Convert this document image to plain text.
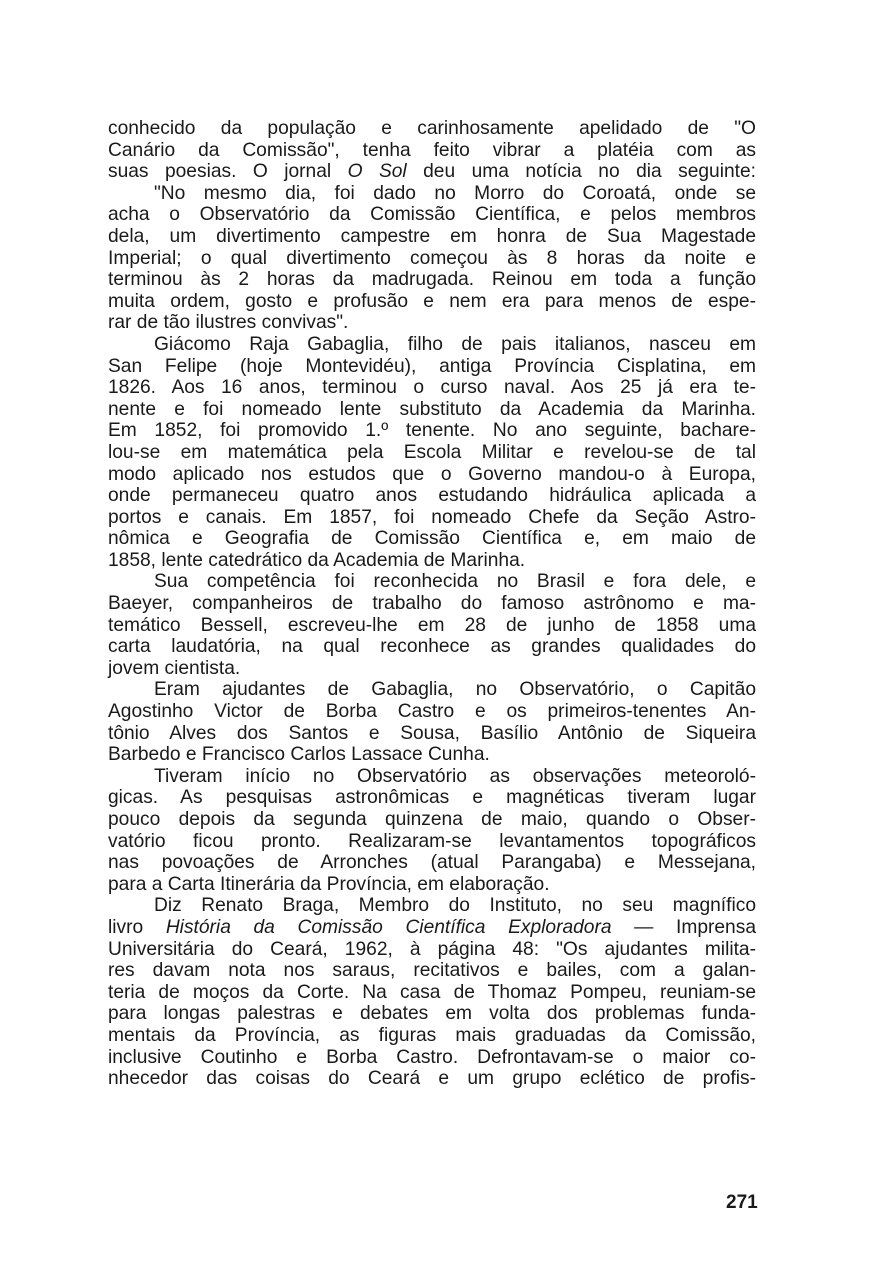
conhecido da população e carinhosamente apelidado de "O
Canário da Comissão", tenha feito vibrar a platéia com as
suas poesias. O jornal O Sol deu uma notícia no dia seguinte:
"No mesmo dia, foi dado no Morro do Coroatá, onde se
acha o Observatório da Comissão Científica, e pelos membros
dela, um divertimento campestre em honra de Sua Magestade
Imperial; o qual divertimento começou às 8 horas da noite e
terminou às 2 horas da madrugada. Reinou em toda a função
muita ordem, gosto e profusão e nem era para menos de espe-
rar de tão ilustres convivas".
Giácomo Raja Gabaglia, filho de pais italianos, nasceu em
San Felipe (hoje Montevidéu), antiga Província Cisplatina, em
1826. Aos 16 anos, terminou o curso naval. Aos 25 já era te-
nente e foi nomeado lente substituto da Academia da Marinha.
Em 1852, foi promovido 1.º tenente. No ano seguinte, bachare-
lou-se em matemática pela Escola Militar e revelou-se de tal
modo aplicado nos estudos que o Governo mandou-o à Europa,
onde permaneceu quatro anos estudando hidráulica aplicada a
portos e canais. Em 1857, foi nomeado Chefe da Seção Astro-
nômica e Geografia de Comissão Científica e, em maio de
1858, lente catedrático da Academia de Marinha.
Sua competência foi reconhecida no Brasil e fora dele, e
Baeyer, companheiros de trabalho do famoso astrônomo e ma-
temático Bessell, escreveu-lhe em 28 de junho de 1858 uma
carta laudatória, na qual reconhece as grandes qualidades do
jovem cientista.
Eram ajudantes de Gabaglia, no Observatório, o Capitão
Agostinho Victor de Borba Castro e os primeiros-tenentes An-
tônio Alves dos Santos e Sousa, Basílio Antônio de Siqueira
Barbedo e Francisco Carlos Lassace Cunha.
Tiveram início no Observatório as observações meteoroló-
gicas. As pesquisas astronômicas e magnéticas tiveram lugar
pouco depois da segunda quinzena de maio, quando o Obser-
vatório ficou pronto. Realizaram-se levantamentos topográficos
nas povoações de Arronches (atual Parangaba) e Messejana,
para a Carta Itinerária da Província, em elaboração.
Diz Renato Braga, Membro do Instituto, no seu magnífico
livro História da Comissão Científica Exploradora — Imprensa
Universitária do Ceará, 1962, à página 48: "Os ajudantes milita-
res davam nota nos saraus, recitativos e bailes, com a galan-
teria de moços da Corte. Na casa de Thomaz Pompeu, reuniam-se
para longas palestras e debates em volta dos problemas funda-
mentais da Província, as figuras mais graduadas da Comissão,
inclusive Coutinho e Borba Castro. Defrontavam-se o maior co-
nhecedor das coisas do Ceará e um grupo eclético de profis-
271
